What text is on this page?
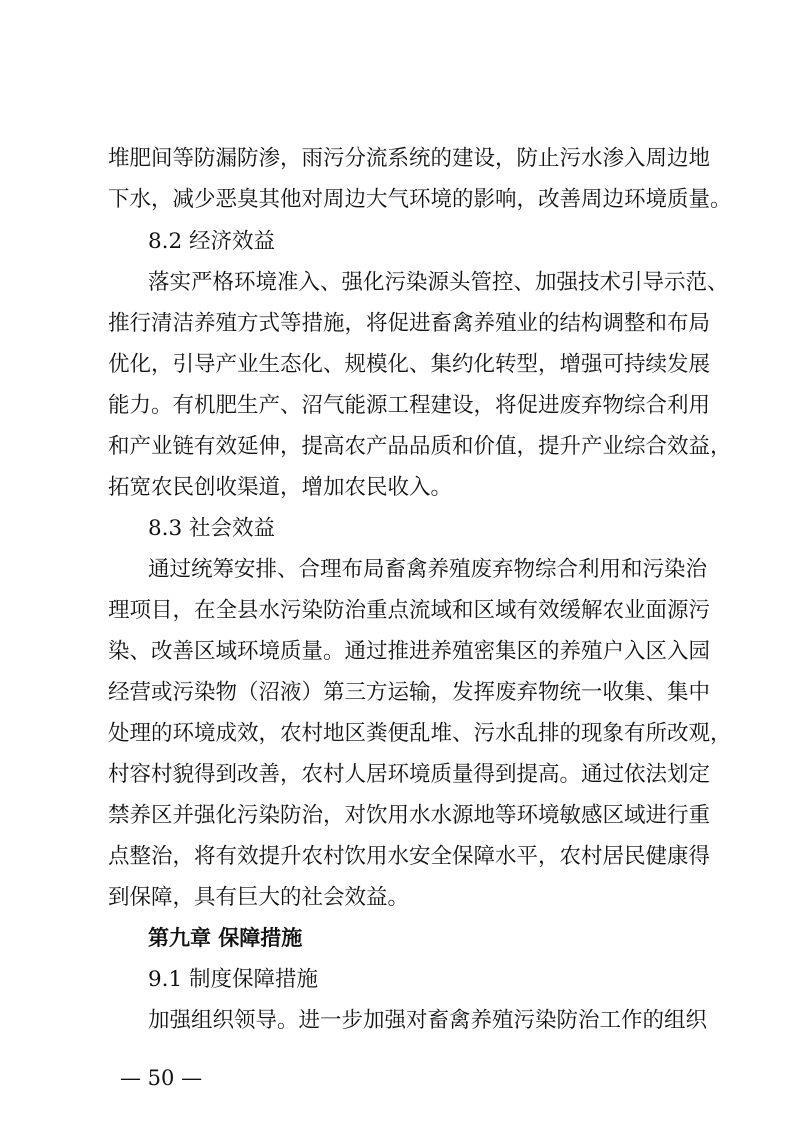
堆肥间等防漏防渗，雨污分流系统的建设，防止污水渗入周边地
下水，减少恶臭其他对周边大气环境的影响，改善周边环境质量。
8.2 经济效益
落实严格环境准入、强化污染源头管控、加强技术引导示范、
推行清洁养殖方式等措施，将促进畜禽养殖业的结构调整和布局
优化，引导产业生态化、规模化、集约化转型，增强可持续发展
能力。有机肥生产、沼气能源工程建设，将促进废弃物综合利用
和产业链有效延伸，提高农产品品质和价值，提升产业综合效益，
拓宽农民创收渠道，增加农民收入。
8.3 社会效益
通过统筹安排、合理布局畜禽养殖废弃物综合利用和污染治
理项目，在全县水污染防治重点流域和区域有效缓解农业面源污
染、改善区域环境质量。通过推进养殖密集区的养殖户入区入园
经营或污染物（沼液）第三方运输，发挥废弃物统一收集、集中
处理的环境成效，农村地区粪便乱堆、污水乱排的现象有所改观，
村容村貌得到改善，农村人居环境质量得到提高。通过依法划定
禁养区并强化污染防治，对饮用水水源地等环境敏感区域进行重
点整治，将有效提升农村饮用水安全保障水平，农村居民健康得
到保障，具有巨大的社会效益。
第九章 保障措施
9.1 制度保障措施
加强组织领导。进一步加强对畜禽养殖污染防治工作的组织
— 50 —
